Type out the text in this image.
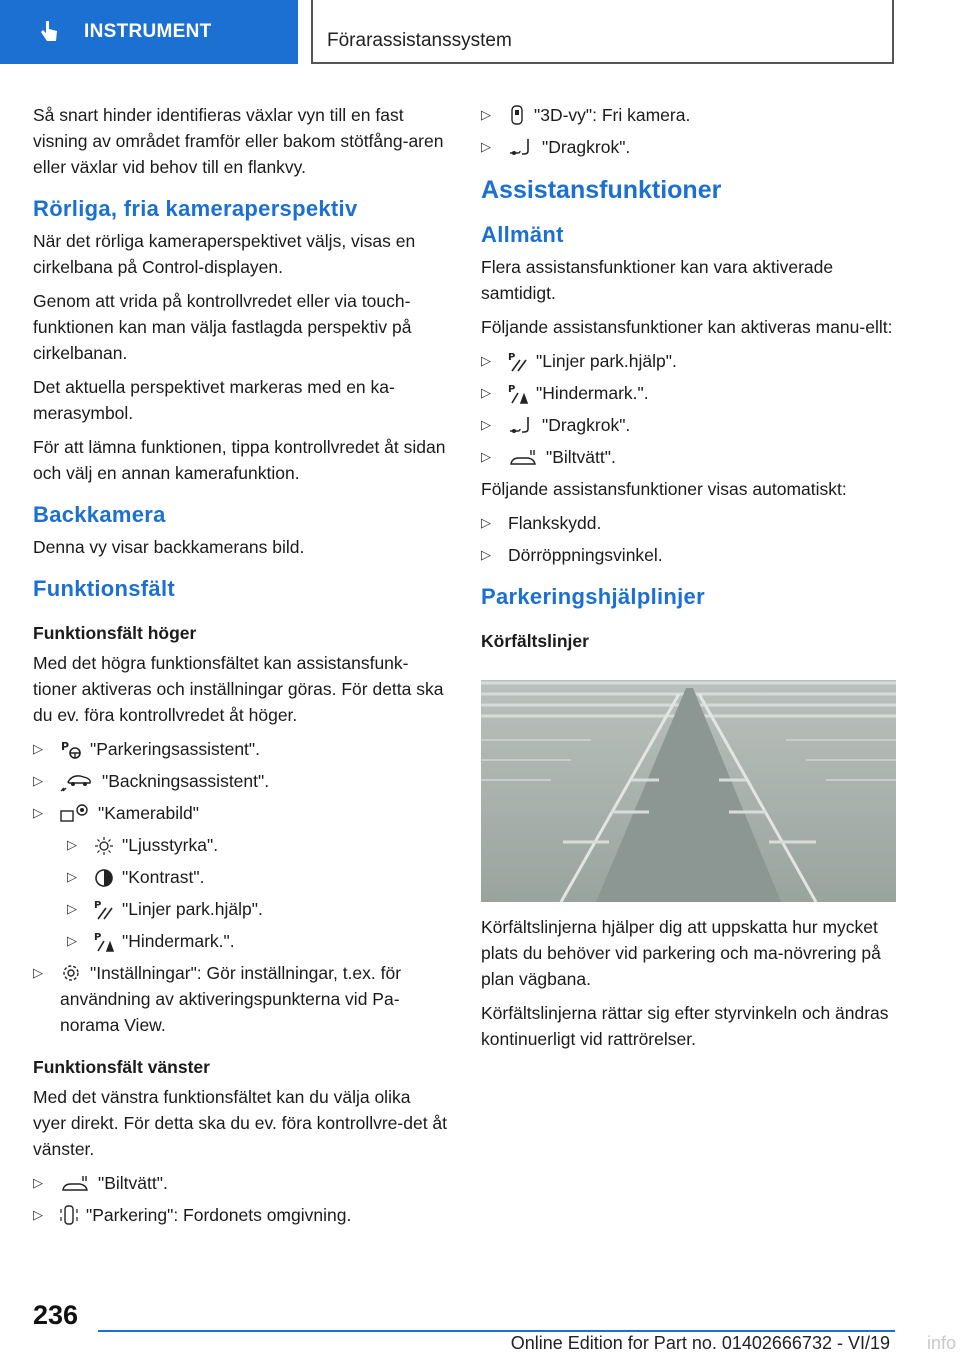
INSTRUMENT	Förarassistanssystem

Så snart hinder identifieras växlar vyn till en fast visning av området framför eller bakom stötfång-aren eller växlar vid behov till en flankvy.

Rörliga, fria kameraperspektiv

När det rörliga kameraperspektivet väljs, visas en cirkelbana på Control-displayen.

Genom att vrida på kontrollvredet eller via touch-funktionen kan man välja fastlagda perspektiv på cirkelbanan.

Det aktuella perspektivet markeras med en ka-merasymbol.

För att lämna funktionen, tippa kontrollvredet åt sidan och välj en annan kamerafunktion.

Backkamera

Denna vy visar backkamerans bild.

Funktionsfält
Funktionsfält höger

Med det högra funktionsfältet kan assistansfunk-tioner aktiveras och inställningar göras. För detta ska du ev. föra kontrollvredet åt höger.

▷ P "Parkeringsassistent".
▷ "Backningsassistent".
▷ "Kamerabild"
▷ "Ljusstyrka".
▷ "Kontrast".
▷ P "Linjer park.hjälp".
▷ P "Hindermark.".
▷ "Inställningar": Gör inställningar, t.ex. för användning av aktiveringspunkterna vid Pa-norama View.
Funktionsfält vänster

Med det vänstra funktionsfältet kan du välja olika vyer direkt. För detta ska du ev. föra kontrollvre-det åt vänster.

▷ "Biltvätt".
▷ "Parkering": Fordonets omgivning.
▷ "3D-vy": Fri kamera.
▷ "Dragkrok".
Assistansfunktioner
Allmänt

Flera assistansfunktioner kan vara aktiverade samtidigt.

Följande assistansfunktioner kan aktiveras manu-ellt:

▷ P "Linjer park.hjälp".
▷ P "Hindermark.".
▷ "Dragkrok".
▷ "Biltvätt".

Följande assistansfunktioner visas automatiskt:

▷ Flankskydd.
▷ Dörröppningsvinkel.
Parkeringshjälplinjer
Körfältslinjer

Körfältslinjerna hjälper dig att uppskatta hur mycket plats du behöver vid parkering och ma-növrering på plan vägbana.

Körfältslinjerna rättar sig efter styrvinkeln och ändras kontinuerligt vid rattrörelser.

236
Online Edition for Part no. 01402666732 - VI/19 info
